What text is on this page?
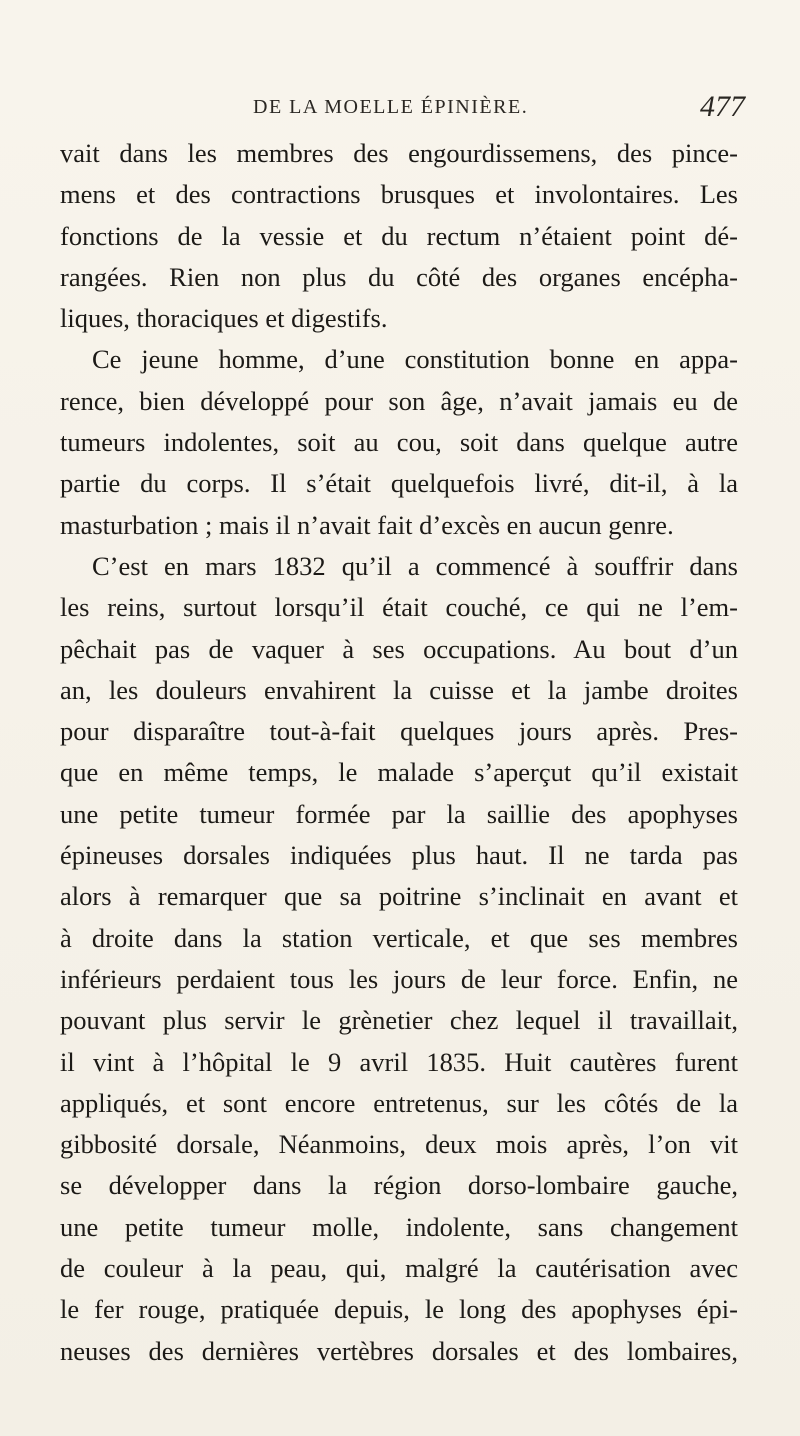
DE LA MOELLE ÉPINIÈRE.	477
vait dans les membres des engourdissemens, des pince-
mens et des contractions brusques et involontaires. Les
fonctions de la vessie et du rectum n’étaient point dé-
rangées. Rien non plus du côté des organes encépha-
liques, thoraciques et digestifs.
Ce jeune homme, d’une constitution bonne en appa-
rence, bien développé pour son âge, n’avait jamais eu de
tumeurs indolentes, soit au cou, soit dans quelque autre
partie du corps. Il s’était quelquefois livré, dit-il, à la
masturbation ; mais il n’avait fait d’excès en aucun genre.
C’est en mars 1832 qu’il a commencé à souffrir dans
les reins, surtout lorsqu’il était couché, ce qui ne l’em-
pêchait pas de vaquer à ses occupations. Au bout d’un
an, les douleurs envahirent la cuisse et la jambe droites
pour disparaître tout-à-fait quelques jours après. Pres-
que en même temps, le malade s’aperçut qu’il existait
une petite tumeur formée par la saillie des apophyses
épineuses dorsales indiquées plus haut. Il ne tarda pas
alors à remarquer que sa poitrine s’inclinait en avant et
à droite dans la station verticale, et que ses membres
inférieurs perdaient tous les jours de leur force. Enfin, ne
pouvant plus servir le grènetier chez lequel il travaillait,
il vint à l’hôpital le 9 avril 1835. Huit cautères furent
appliqués, et sont encore entretenus, sur les côtés de la
gibbosité dorsale, Néanmoins, deux mois après, l’on vit
se développer dans la région dorso-lombaire gauche,
une petite tumeur molle, indolente, sans changement
de couleur à la peau, qui, malgré la cautérisation avec
le fer rouge, pratiquée depuis, le long des apophyses épi-
neuses des dernières vertèbres dorsales et des lombaires,
